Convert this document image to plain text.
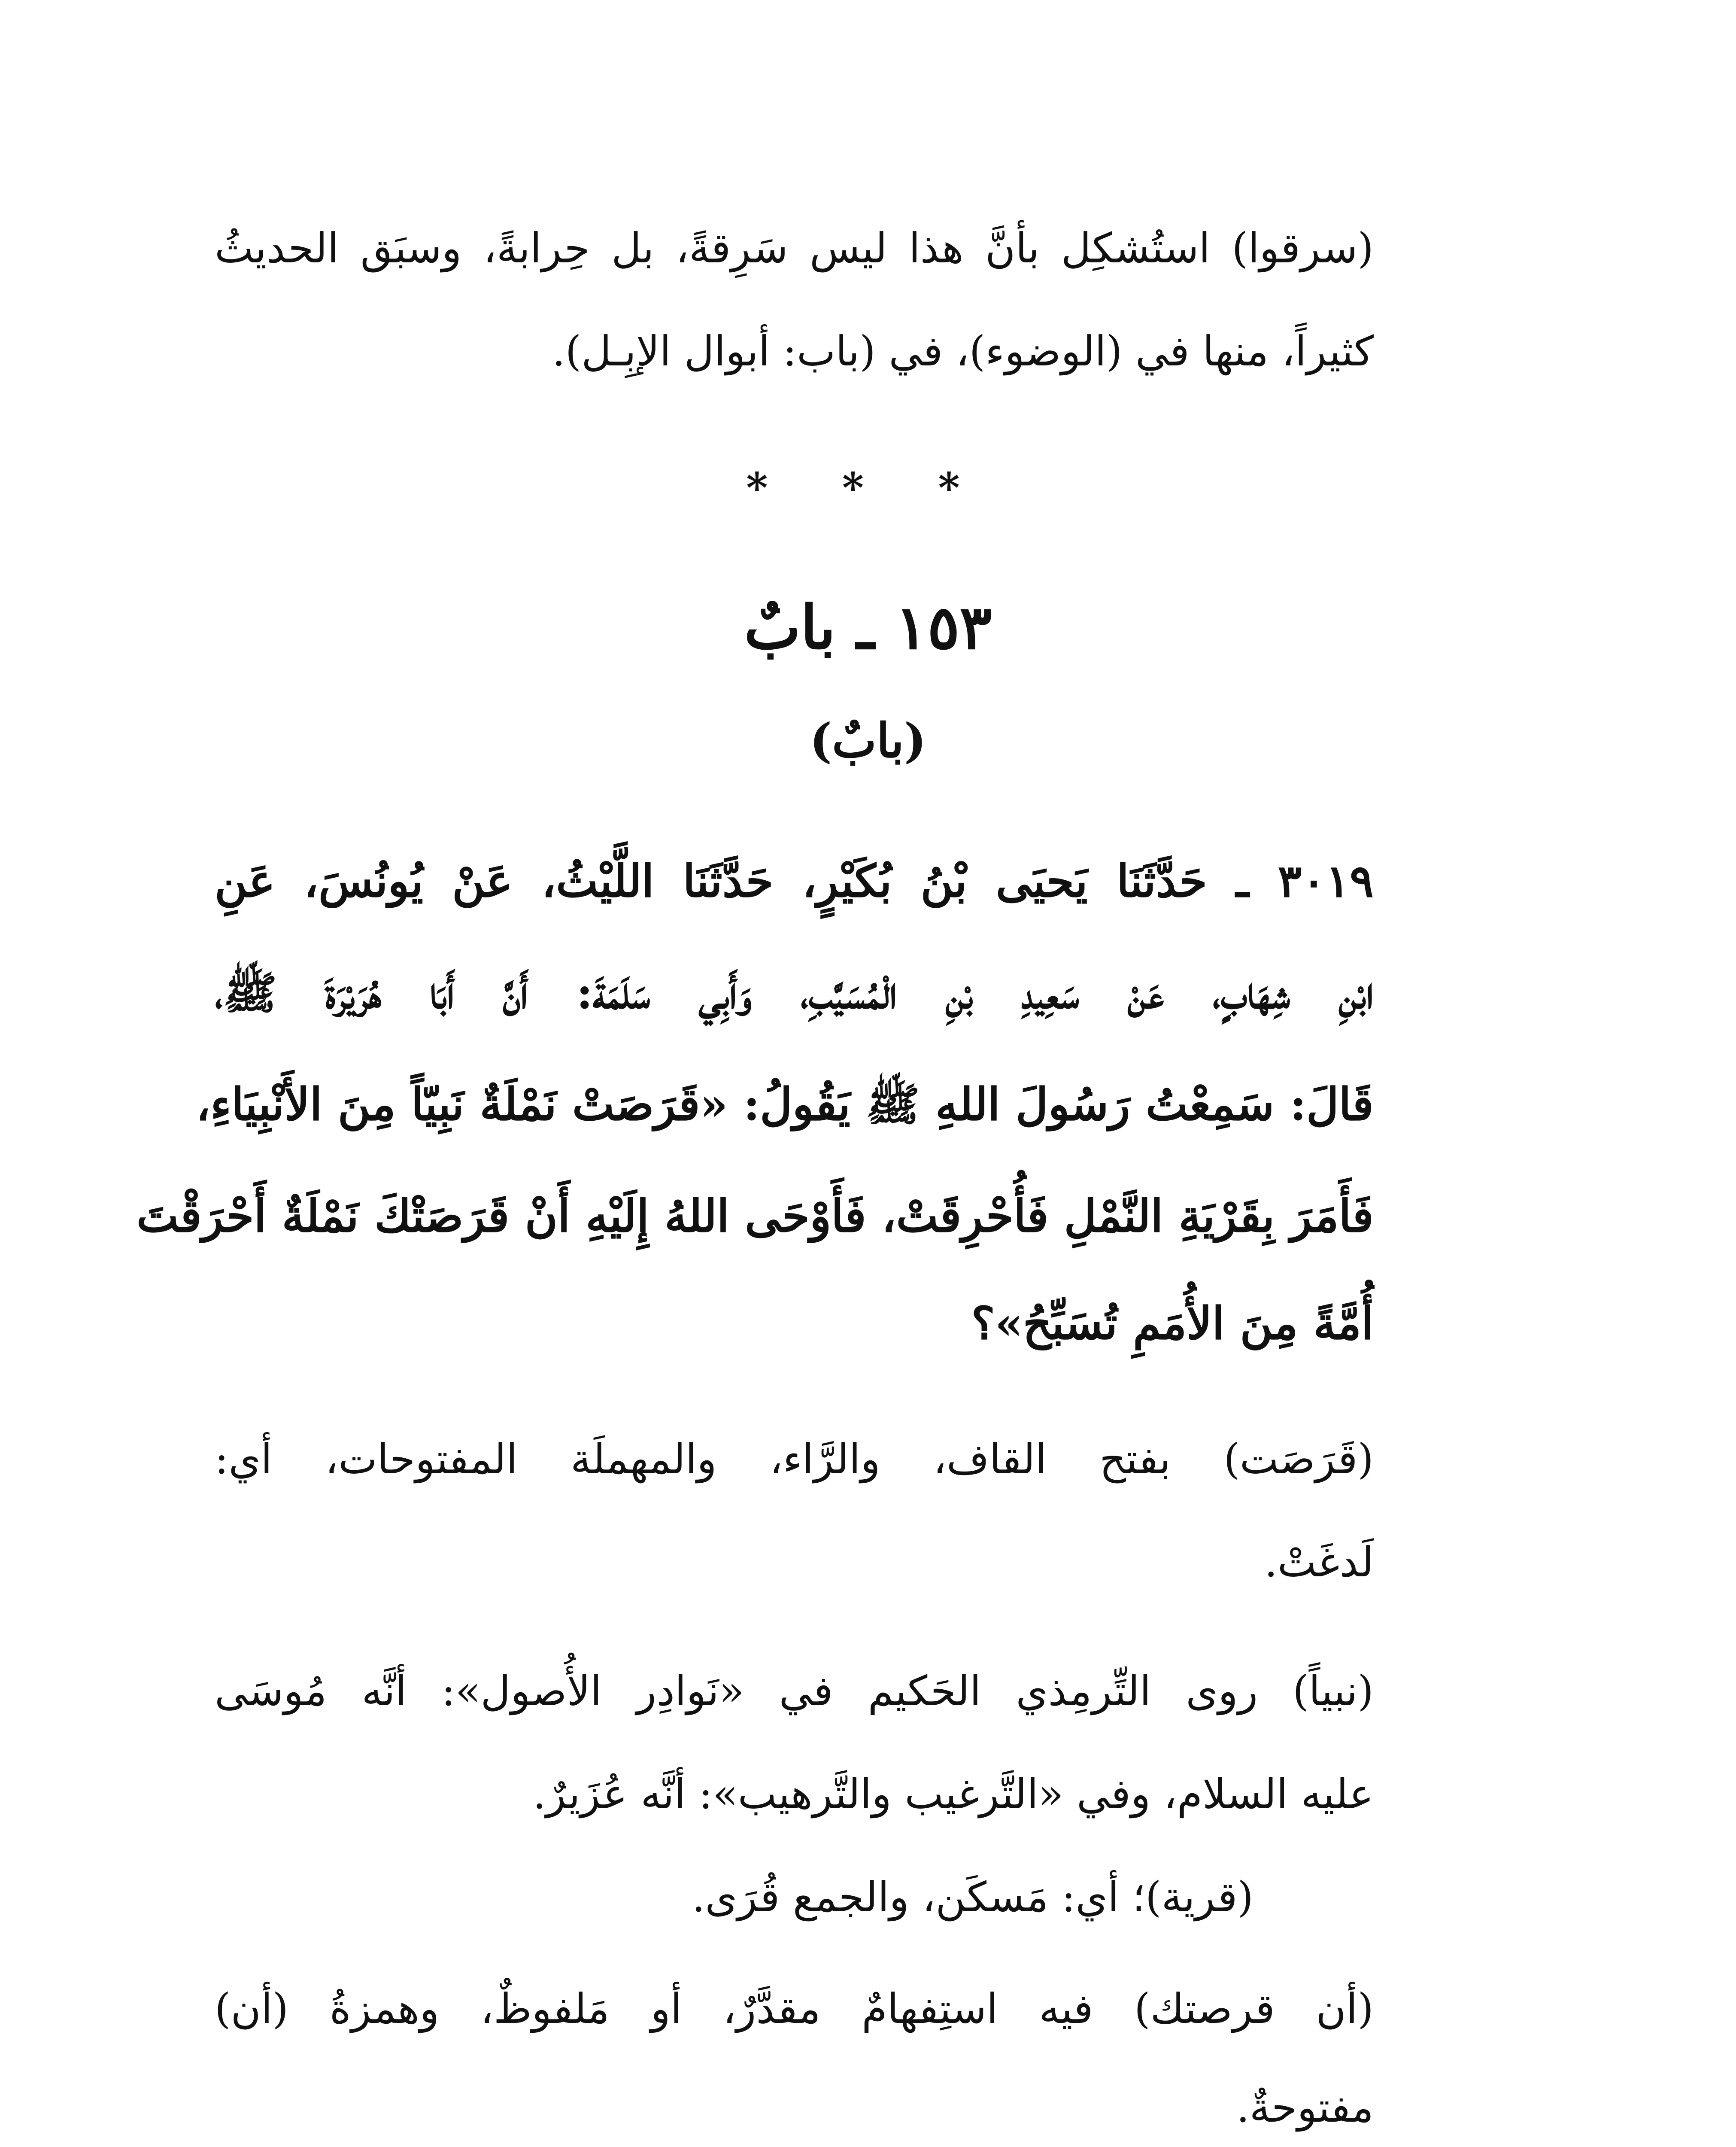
(سرقوا) استُشكِل بأنَّ هذا ليس سَرِقةً، بل حِرابةً، وسبَق الحديثُ
كثيراً، منها في (الوضوء)، في (باب: أبوال الإبِـل).
* * *
١٥٣ ـ بابٌ
(بابٌ)
٣٠١٩ ـ حَدَّثَنَا يَحيَى بْنُ بُكَيْرٍ، حَدَّثَنَا اللَّيْثُ، عَنْ يُونُسَ، عَنِ
ابْنِ شِهَابٍ، عَنْ سَعِيدِ بْنِ الْمُسَيَّبِ، وَأَبِي سَلَمَةَ: أَنَّ أَبَا هُرَيْرَةَ ﷺ،
قَالَ: سَمِعْتُ رَسُولَ اللهِ ﷺ يَقُولُ: «قَرَصَتْ نَمْلَةٌ نَبِيّاً مِنَ الأَنْبِيَاءِ،
فَأَمَرَ بِقَرْيَةِ النَّمْلِ فَأُحْرِقَتْ، فَأَوْحَى اللهُ إِلَيْهِ أَنْ قَرَصَتْكَ نَمْلَةٌ أَحْرَقْتَ
أُمَّةً مِنَ الأُمَمِ تُسَبِّحُ»؟
(قَرَصَت) بفتح القاف، والرَّاء، والمهملَة المفتوحات، أي:
لَدغَتْ.
(نبياً) روى التِّرمِذي الحَكيم في «نَوادِر الأُصول»: أنَّه مُوسَى
عليه السلام، وفي «التَّرغيب والتَّرهيب»: أنَّه عُزَيرٌ.
(قرية)؛ أي: مَسكَن، والجمع قُرَى.
(أن قرصتك) فيه استِفهامٌ مقدَّرٌ، أو مَلفوظٌ، وهمزةُ (أن)
مفتوحةٌ.
